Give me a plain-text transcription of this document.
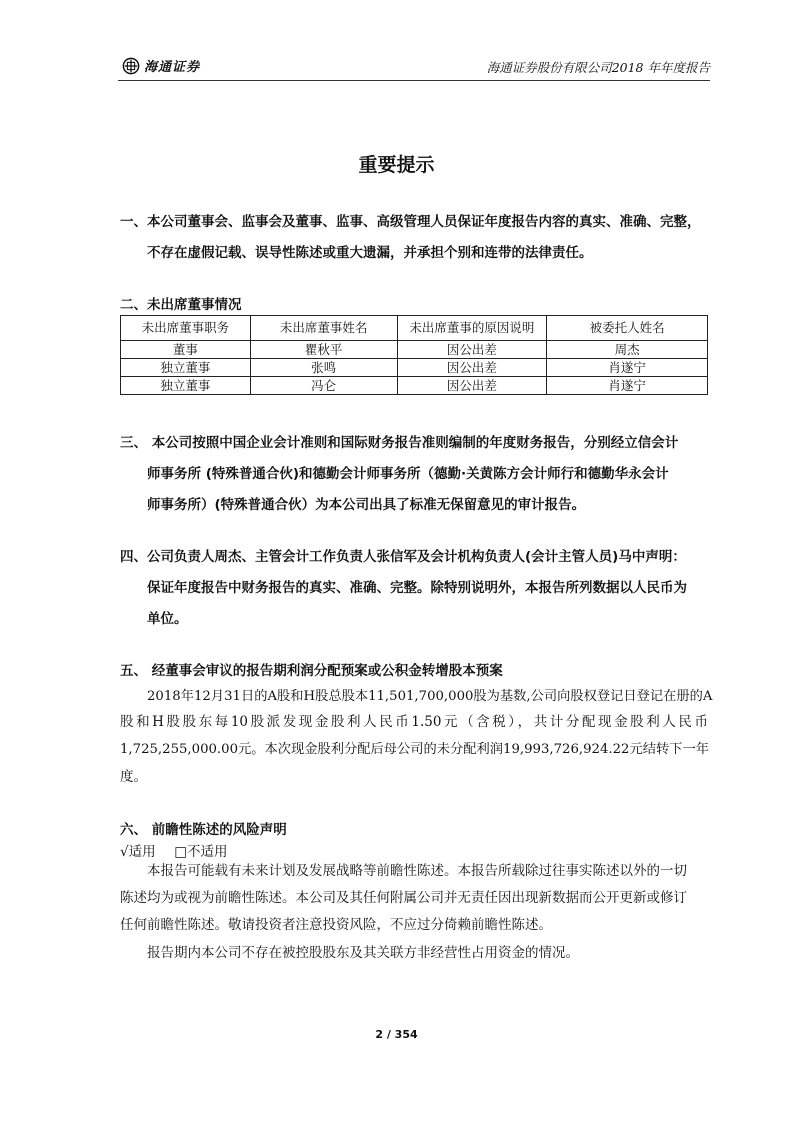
海通证券	海通证券股份有限公司2018 年年度报告
重要提示
一、本公司董事会、监事会及董事、监事、高级管理人员保证年度报告内容的真实、准确、完整，
不存在虚假记载、误导性陈述或重大遗漏，并承担个别和连带的法律责任。
二、未出席董事情况
未出席董事职务	未出席董事姓名	未出席董事的原因说明	被委托人姓名
董事	瞿秋平	因公出差	周杰
独立董事	张鸣	因公出差	肖遂宁
独立董事	冯仑	因公出差	肖遂宁
三、 本公司按照中国企业会计准则和国际财务报告准则编制的年度财务报告，分别经立信会计
师事务所 (特殊普通合伙)和德勤会计师事务所（德勤·关黄陈方会计师行和德勤华永会计
师事务所）(特殊普通合伙）为本公司出具了标准无保留意见的审计报告。
四、公司负责人周杰、主管会计工作负责人张信军及会计机构负责人(会计主管人员)马中声明：
保证年度报告中财务报告的真实、准确、完整。除特别说明外，本报告所列数据以人民币为
单位。
五、 经董事会审议的报告期利润分配预案或公积金转增股本预案
2018年12月31日的A股和H股总股本11,501,700,000股为基数,公司向股权登记日登记在册的A
股和H股股东每10股派发现金股利人民币1.50元（含税），共计分配现金股利人民币
1,725,255,000.00元。本次现金股利分配后母公司的未分配利润19,993,726,924.22元结转下一年
度。
六、 前瞻性陈述的风险声明
√适用 □不适用
本报告可能载有未来计划及发展战略等前瞻性陈述。本报告所载除过往事实陈述以外的一切
陈述均为或视为前瞻性陈述。本公司及其任何附属公司并无责任因出现新数据而公开更新或修订
任何前瞻性陈述。敬请投资者注意投资风险，不应过分倚赖前瞻性陈述。
报告期内本公司不存在被控股股东及其关联方非经营性占用资金的情况。
2 / 354
